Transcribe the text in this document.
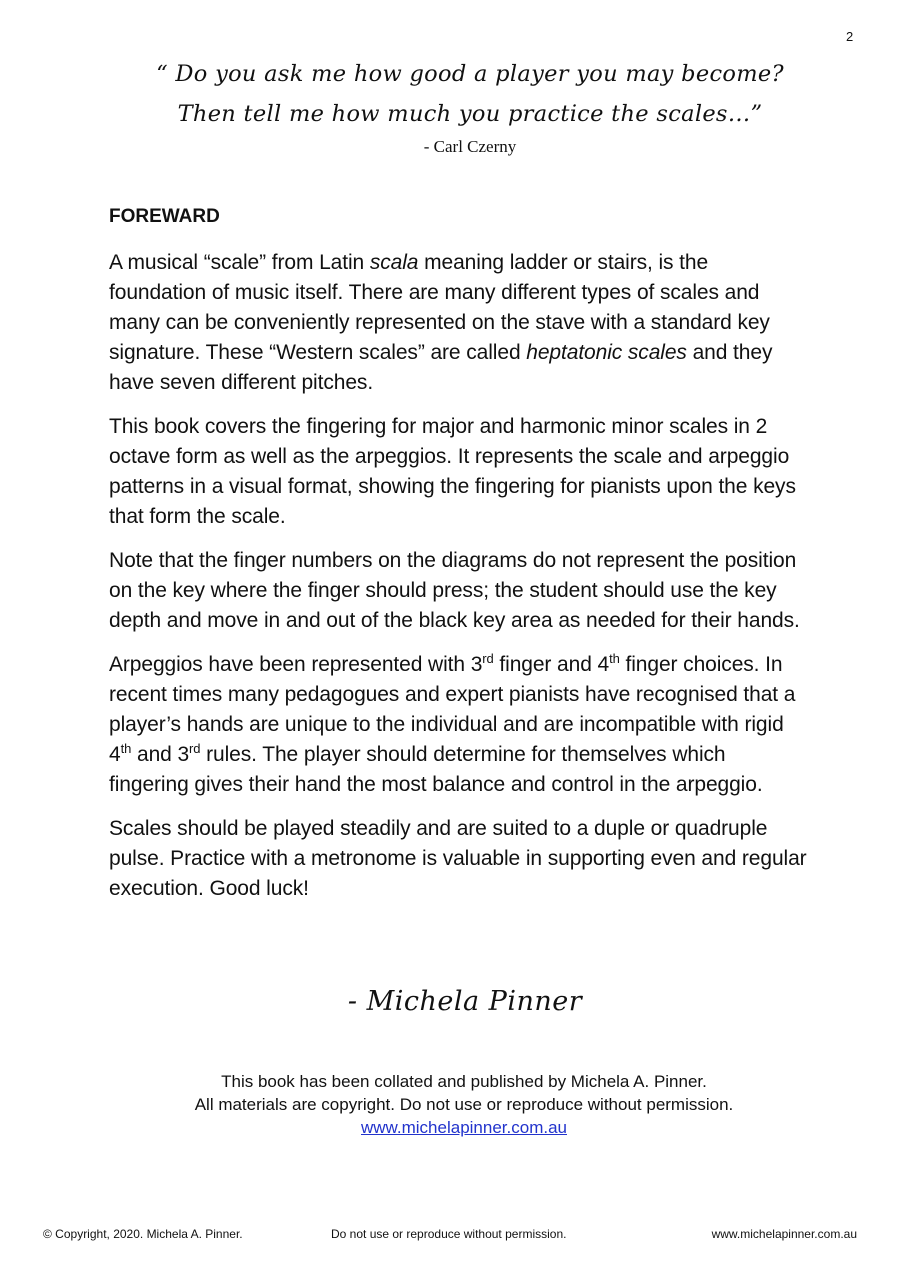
2
“ Do you ask me how good a player you may become?
Then tell me how much you practice the scales…”
- Carl Czerny
FOREWARD

A musical “scale” from Latin scala meaning ladder or stairs, is the foundation of music itself. There are many different types of scales and many can be conveniently represented on the stave with a standard key signature. These “Western scales” are called heptatonic scales and they have seven different pitches.

This book covers the fingering for major and harmonic minor scales in 2 octave form as well as the arpeggios. It represents the scale and arpeggio patterns in a visual format, showing the fingering for pianists upon the keys that form the scale.

Note that the finger numbers on the diagrams do not represent the position on the key where the finger should press; the student should use the key depth and move in and out of the black key area as needed for their hands.

Arpeggios have been represented with 3rd finger and 4th finger choices. In recent times many pedagogues and expert pianists have recognised that a player’s hands are unique to the individual and are incompatible with rigid 4th and 3rd rules. The player should determine for themselves which fingering gives their hand the most balance and control in the arpeggio.

Scales should be played steadily and are suited to a duple or quadruple pulse. Practice with a metronome is valuable in supporting even and regular execution. Good luck!

- Michela Pinner
This book has been collated and published by Michela A. Pinner.
All materials are copyright. Do not use or reproduce without permission.
www.michelapinner.com.au
© Copyright, 2020. Michela A. Pinner.	Do not use or reproduce without permission.	www.michelapinner.com.au
